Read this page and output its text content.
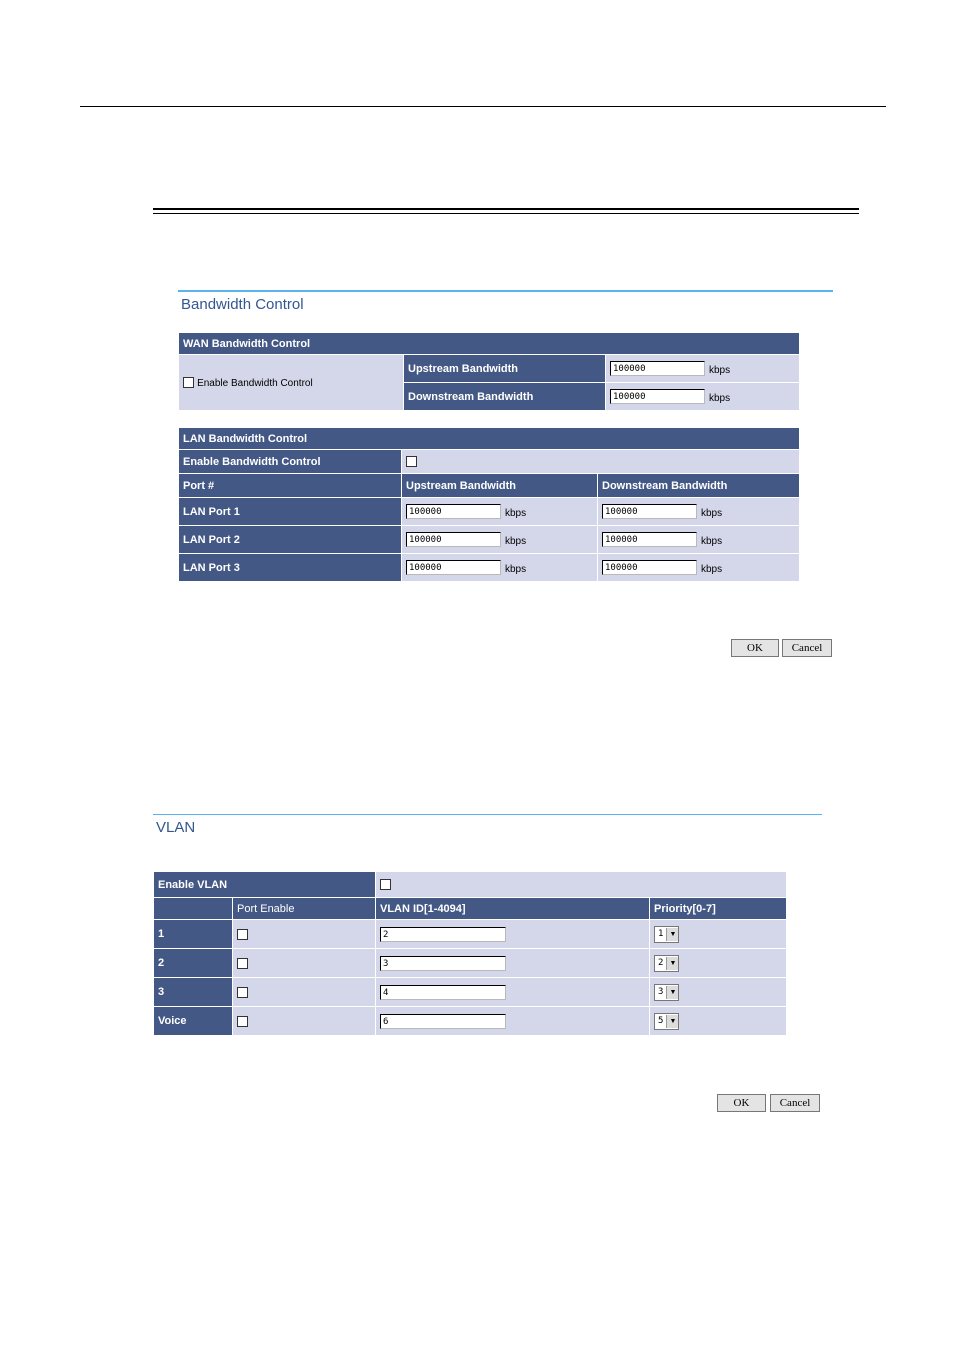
Bandwidth Control
WAN Bandwidth Control		
Enable Bandwidth Control	Upstream Bandwidth	100000 kbps
	Downstream Bandwidth	100000 kbps
LAN Bandwidth Control		
Enable Bandwidth Control		
Port #	Upstream Bandwidth	Downstream Bandwidth
LAN Port 1	100000 kbps	100000 kbps
LAN Port 2	100000 kbps	100000 kbps
LAN Port 3	100000 kbps	100000 kbps
OK	Cancel
VLAN
Enable VLAN			
	Port Enable	VLAN ID[1-4094]	Priority[0-7]
1		2	1 ▼

2		3	2 ▼

3		4	3 ▼

Voice		6	5 ▼
OK	Cancel
